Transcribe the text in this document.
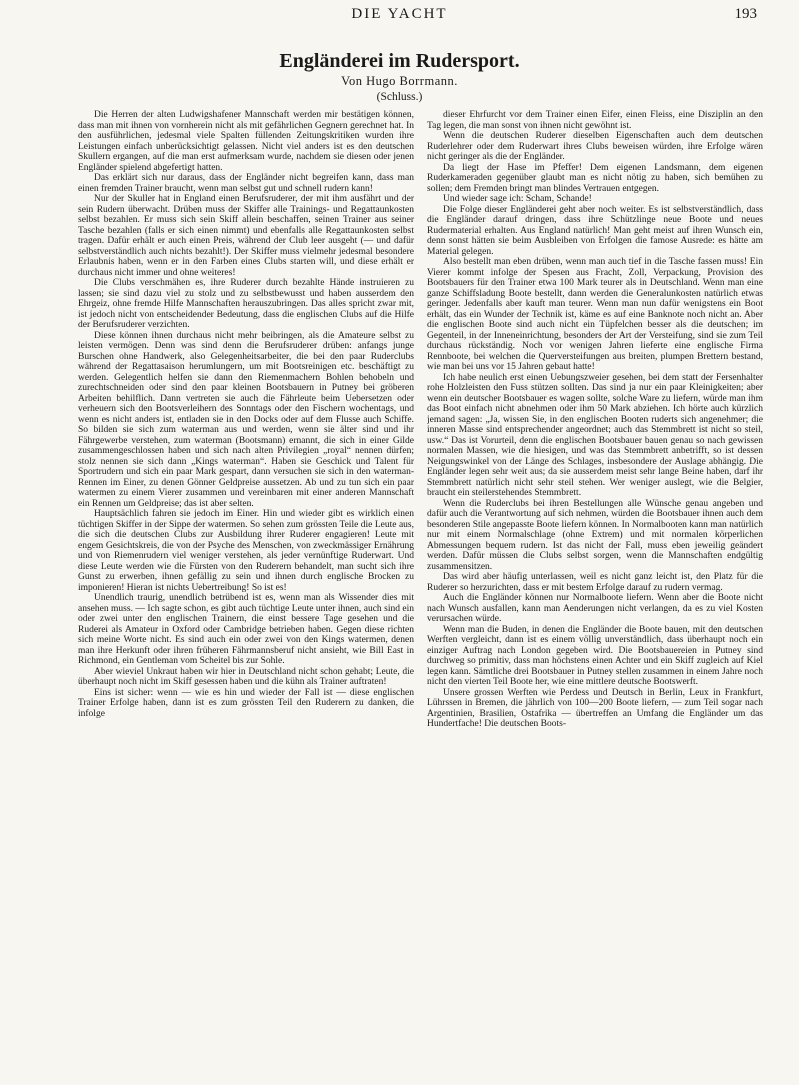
DIE YACHT	193
Engländerei im Rudersport.
Von Hugo Borrmann.
(Schluss.)

Die Herren der alten Ludwigshafener Mannschaft werden mir bestätigen können, dass man mit ihnen von vornherein nicht als mit gefährlichen Gegnern gerechnet hat. In den ausführlichen, jedesmal viele Spalten füllenden Zeitungskritiken wurden ihre Leistungen einfach unberücksichtigt gelassen. Nicht viel anders ist es den deutschen Skullern ergangen, auf die man erst aufmerksam wurde, nachdem sie diesen oder jenen Engländer spielend abgefertigt hatten.

Das erklärt sich nur daraus, dass der Engländer nicht begreifen kann, dass man einen fremden Trainer braucht, wenn man selbst gut und schnell rudern kann!

Nur der Skuller hat in England einen Berufsruderer, der mit ihm ausfährt und der sein Rudern überwacht. Drüben muss der Skiffer alle Trainings- und Regattaunkosten selbst bezahlen. Er muss sich sein Skiff allein beschaffen, seinen Trainer aus seiner Tasche bezahlen (falls er sich einen nimmt) und ebenfalls alle Regattaunkosten selbst tragen. Dafür erhält er auch einen Preis, während der Club leer ausgeht (— und dafür selbstverständlich auch nichts bezahlt!). Der Skiffer muss vielmehr jedesmal besondere Erlaubnis haben, wenn er in den Farben eines Clubs starten will, und diese erhält er durchaus nicht immer und ohne weiteres!

Die Clubs verschmähen es, ihre Ruderer durch bezahlte Hände instruieren zu lassen; sie sind dazu viel zu stolz und zu selbstbewusst und haben ausserdem den Ehrgeiz, ohne fremde Hilfe Mannschaften herauszubringen. Das alles spricht zwar mit, ist jedoch nicht von entscheidender Bedeutung, dass die englischen Clubs auf die Hilfe der Berufsruderer verzichten.

Diese können ihnen durchaus nicht mehr beibringen, als die Amateure selbst zu leisten vermögen. Denn was sind denn die Berufsruderer drüben: anfangs junge Burschen ohne Handwerk, also Gelegenheitsarbeiter, die bei den paar Ruderclubs während der Regattasaison herumlungern, um mit Bootsreinigen etc. beschäftigt zu werden. Gelegentlich helfen sie dann den Riemenmachern Bohlen behobeln und zurechtschneiden oder sind den paar kleinen Bootsbauern in Putney bei gröberen Arbeiten behilflich. Dann vertreten sie auch die Fährleute beim Uebersetzen oder verheuern sich den Bootsverleihern des Sonntags oder den Fischern wochentags, und wenn es nicht anders ist, entladen sie in den Docks oder auf dem Flusse auch Schiffe. So bilden sie sich zum waterman aus und werden, wenn sie älter sind und ihr Fährgewerbe verstehen, zum waterman (Bootsmann) ernannt, die sich in einer Gilde zusammengeschlossen haben und sich nach alten Privilegien „royal“ nennen dürfen; stolz nennen sie sich dann „Kings waterman“. Haben sie Geschick und Talent für Sportrudern und sich ein paar Mark gespart, dann versuchen sie sich in den waterman-Rennen im Einer, zu denen Gönner Geldpreise aussetzen. Ab und zu tun sich ein paar watermen zu einem Vierer zusammen und vereinbaren mit einer anderen Mannschaft ein Rennen um Geldpreise; das ist aber selten.

Hauptsächlich fahren sie jedoch im Einer. Hin und wieder gibt es wirklich einen tüchtigen Skiffer in der Sippe der watermen. So sehen zum grössten Teile die Leute aus, die sich die deutschen Clubs zur Ausbildung ihrer Ruderer engagieren! Leute mit engem Gesichtskreis, die von der Psyche des Menschen, von zweckmässiger Ernährung und von Riemenrudern viel weniger verstehen, als jeder vernünftige Ruderwart. Und diese Leute werden wie die Fürsten von den Ruderern behandelt, man sucht sich ihre Gunst zu erwerben, ihnen gefällig zu sein und ihnen durch englische Brocken zu imponieren! Hieran ist nichts Uebertreibung! So ist es!

Unendlich traurig, unendlich betrübend ist es, wenn man als Wissender dies mit ansehen muss. — Ich sagte schon, es gibt auch tüchtige Leute unter ihnen, auch sind ein oder zwei unter den englischen Trainern, die einst bessere Tage gesehen und die Ruderei als Amateur in Oxford oder Cambridge betrieben haben. Gegen diese richten sich meine Worte nicht. Es sind auch ein oder zwei von den Kings watermen, denen man ihre Herkunft oder ihren früheren Fährmannsberuf nicht ansieht, wie Bill East in Richmond, ein Gentleman vom Scheitel bis zur Sohle.

Aber wieviel Unkraut haben wir hier in Deutschland nicht schon gehabt; Leute, die überhaupt noch nicht im Skiff gesessen haben und die kühn als Trainer auftraten!

Eins ist sicher: wenn — wie es hin und wieder der Fall ist — diese englischen Trainer Erfolge haben, dann ist es zum grössten Teil den Ruderern zu danken, die infolge

dieser Ehrfurcht vor dem Trainer einen Eifer, einen Fleiss, eine Disziplin an den Tag legen, die man sonst von ihnen nicht gewöhnt ist.

Wenn die deutschen Ruderer dieselben Eigenschaften auch dem deutschen Ruderlehrer oder dem Ruderwart ihres Clubs beweisen würden, ihre Erfolge wären nicht geringer als die der Engländer.

Da liegt der Hase im Pfeffer! Dem eigenen Landsmann, dem eigenen Ruderkameraden gegenüber glaubt man es nicht nötig zu haben, sich bemühen zu sollen; dem Fremden bringt man blindes Vertrauen entgegen.

Und wieder sage ich: Scham, Schande!

Die Folge dieser Engländerei geht aber noch weiter. Es ist selbstverständlich, dass die Engländer darauf dringen, dass ihre Schützlinge neue Boote und neues Rudermaterial erhalten. Aus England natürlich! Man geht meist auf ihren Wunsch ein, denn sonst hätten sie beim Ausbleiben von Erfolgen die famose Ausrede: es hätte am Material gelegen.

Also bestellt man eben drüben, wenn man auch tief in die Tasche fassen muss! Ein Vierer kommt infolge der Spesen aus Fracht, Zoll, Verpackung, Provision des Bootsbauers für den Trainer etwa 100 Mark teurer als in Deutschland. Wenn man eine ganze Schiffsladung Boote bestellt, dann werden die Generalunkosten natürlich etwas geringer. Jedenfalls aber kauft man teurer. Wenn man nun dafür wenigstens ein Boot erhält, das ein Wunder der Technik ist, käme es auf eine Banknote noch nicht an. Aber die englischen Boote sind auch nicht ein Tüpfelchen besser als die deutschen; im Gegenteil, in der Inneneinrichtung, besonders der Art der Versteifung, sind sie zum Teil durchaus rückständig. Noch vor wenigen Jahren lieferte eine englische Firma Rennboote, bei welchen die Querversteifungen aus breiten, plumpen Brettern bestand, wie man bei uns vor 15 Jahren gebaut hatte!

Ich habe neulich erst einen Uebungszweier gesehen, bei dem statt der Fersenhalter rohe Holzleisten den Fuss stützen sollten. Das sind ja nur ein paar Kleinigkeiten; aber wenn ein deutscher Bootsbauer es wagen sollte, solche Ware zu liefern, würde man ihm das Boot einfach nicht abnehmen oder ihm 50 Mark abziehen. Ich hörte auch kürzlich jemand sagen: „Ja, wissen Sie, in den englischen Booten ruderts sich angenehmer; die inneren Masse sind entsprechender angeordnet; auch das Stemmbrett ist nicht so steil, usw.“ Das ist Vorurteil, denn die englischen Bootsbauer bauen genau so nach gewissen normalen Massen, wie die hiesigen, und was das Stemmbrett anbetrifft, so ist dessen Neigungswinkel von der Länge des Schlages, insbesondere der Auslage abhängig. Die Engländer legen sehr weit aus; da sie ausserdem meist sehr lange Beine haben, darf ihr Stemmbrett natürlich nicht sehr steil stehen. Wer weniger auslegt, wie die Belgier, braucht ein steilerstehendes Stemmbrett.

Wenn die Ruderclubs bei ihren Bestellungen alle Wünsche genau angeben und dafür auch die Verantwortung auf sich nehmen, würden die Bootsbauer ihnen auch dem besonderen Stile angepasste Boote liefern können. In Normalbooten kann man natürlich nur mit einem Normalschlage (ohne Extrem) und mit normalen körperlichen Abmessungen bequem rudern. Ist das nicht der Fall, muss eben jeweilig geändert werden. Dafür müssen die Clubs selbst sorgen, wenn die Mannschaften endgültig zusammensitzen.

Das wird aber häufig unterlassen, weil es nicht ganz leicht ist, den Platz für die Ruderer so herzurichten, dass er mit bestem Erfolge darauf zu rudern vermag.

Auch die Engländer können nur Normalboote liefern. Wenn aber die Boote nicht nach Wunsch ausfallen, kann man Aenderungen nicht verlangen, da es zu viel Kosten verursachen würde.

Wenn man die Buden, in denen die Engländer die Boote bauen, mit den deutschen Werften vergleicht, dann ist es einem völlig unverständlich, dass überhaupt noch ein einziger Auftrag nach London gegeben wird. Die Bootsbauereien in Putney sind durchweg so primitiv, dass man höchstens einen Achter und ein Skiff zugleich auf Kiel legen kann. Sämtliche drei Bootsbauer in Putney stellen zusammen in einem Jahre noch nicht den vierten Teil Boote her, wie eine mittlere deutsche Bootswerft.

Unsere grossen Werften wie Perdess und Deutsch in Berlin, Leux in Frankfurt, Lührssen in Bremen, die jährlich von 100—200 Boote liefern, — zum Teil sogar nach Argentinien, Brasilien, Ostafrika — übertreffen an Umfang die Engländer um das Hundertfache! Die deutschen Boots-
